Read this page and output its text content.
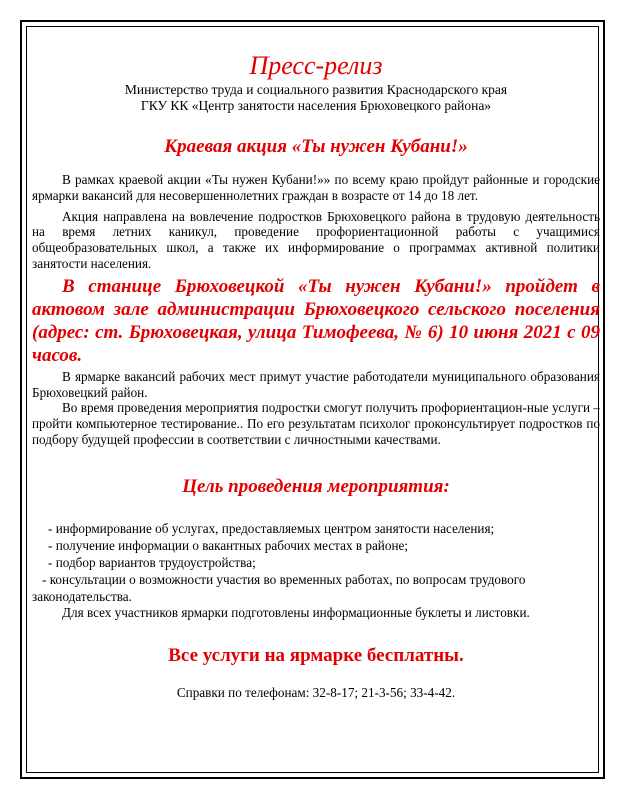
Пресс-релиз

Министерство труда и социального развития Краснодарского края

ГКУ КК «Центр занятости населения Брюховецкого района»

Краевая акция «Ты нужен Кубани!»

В рамках краевой акции «Ты нужен Кубани!»» по всему краю пройдут районные и городские ярмарки вакансий для несовершеннолетних граждан в возрасте от 14 до 18 лет.

Акция направлена на вовлечение подростков Брюховецкого района в трудовую деятельность на время летних каникул, проведение профориентационной работы с учащимися общеобразовательных школ, а также их информирование о программах активной политики занятости населения.

В станице Брюховецкой «Ты нужен Кубани!» пройдет в актовом зале администрации Брюховецкого сельского поселения (адрес: ст. Брюховецкая, улица Тимофеева, № 6) 10 июня 2021 с 09 часов.

В ярмарке вакансий рабочих мест примут участие работодатели муниципального образования Брюховецкий район.

Во время проведения мероприятия подростки смогут получить профориентацион-ные услуги – пройти компьютерное тестирование.. По его результатам психолог проконсультирует подростков по подбору будущей профессии в соответствии с личностными качествами.

Цель проведения мероприятия:
- информирование об услугах, предоставляемых центром занятости населения;
- получение информации о вакантных рабочих местах в районе;
- подбор вариантов трудоустройства;
- консультации о возможности участия во временных работах, по вопросам трудового законодательства.

Для всех участников ярмарки подготовлены информационные буклеты и листовки.

Все услуги на ярмарке бесплатны.

Справки по телефонам: 32-8-17; 21-3-56; 33-4-42.
